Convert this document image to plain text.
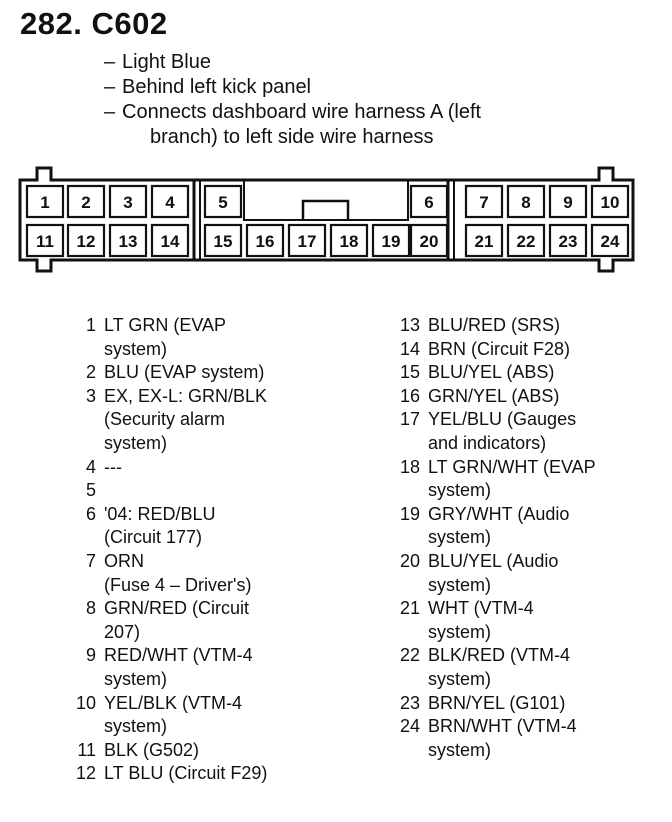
282. C602
– Light Blue
– Behind left kick panel
– Connects dashboard wire harness A (left
branch) to left side wire harness
1 2 3 4	5	6	7 8 9 10
11 12 13 14 15 16 17 18 19 20 21 22 23 24
1 LT GRN (EVAP
system)
2 BLU (EVAP system)
3 EX, EX-L: GRN/BLK
(Security alarm
system)
4 ---
5
6 '04: RED/BLU
(Circuit 177)
7 ORN
(Fuse 4 – Driver's)
8 GRN/RED (Circuit
207)
9 RED/WHT (VTM-4
system)
10 YEL/BLK (VTM-4
system)
11 BLK (G502)
12 LT BLU (Circuit F29)
13 BLU/RED (SRS)
14 BRN (Circuit F28)
15 BLU/YEL (ABS)
16 GRN/YEL (ABS)
17 YEL/BLU (Gauges
and indicators)
18 LT GRN/WHT (EVAP
system)
19 GRY/WHT (Audio
system)
20 BLU/YEL (Audio
system)
21 WHT (VTM-4
system)
22 BLK/RED (VTM-4
system)
23 BRN/YEL (G101)
24 BRN/WHT (VTM-4
system)
